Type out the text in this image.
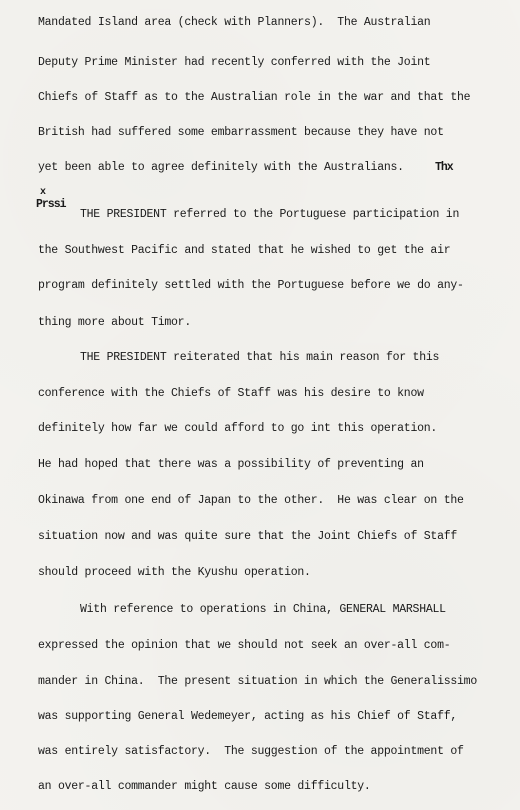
Mandated Island area (check with Planners).  The Australian
Deputy Prime Minister had recently conferred with the Joint
Chiefs of Staff as to the Australian role in the war and that the
British had suffered some embarrassment because they have not
yet been able to agree definitely with the Australians.	Thx
x
Prssi
THE PRESIDENT referred to the Portuguese participation in
the Southwest Pacific and stated that he wished to get the air
program definitely settled with the Portuguese before we do any-
thing more about Timor.
THE PRESIDENT reiterated that his main reason for this
conference with the Chiefs of Staff was his desire to know
definitely how far we could afford to go int this operation.
He had hoped that there was a possibility of preventing an
Okinawa from one end of Japan to the other.  He was clear on the
situation now and was quite sure that the Joint Chiefs of Staff
should proceed with the Kyushu operation.
With reference to operations in China, GENERAL MARSHALL
expressed the opinion that we should not seek an over-all com-
mander in China.  The present situation in which the Generalissimo
was supporting General Wedemeyer, acting as his Chief of Staff,
was entirely satisfactory.  The suggestion of the appointment of
an over-all commander might cause some difficulty.
